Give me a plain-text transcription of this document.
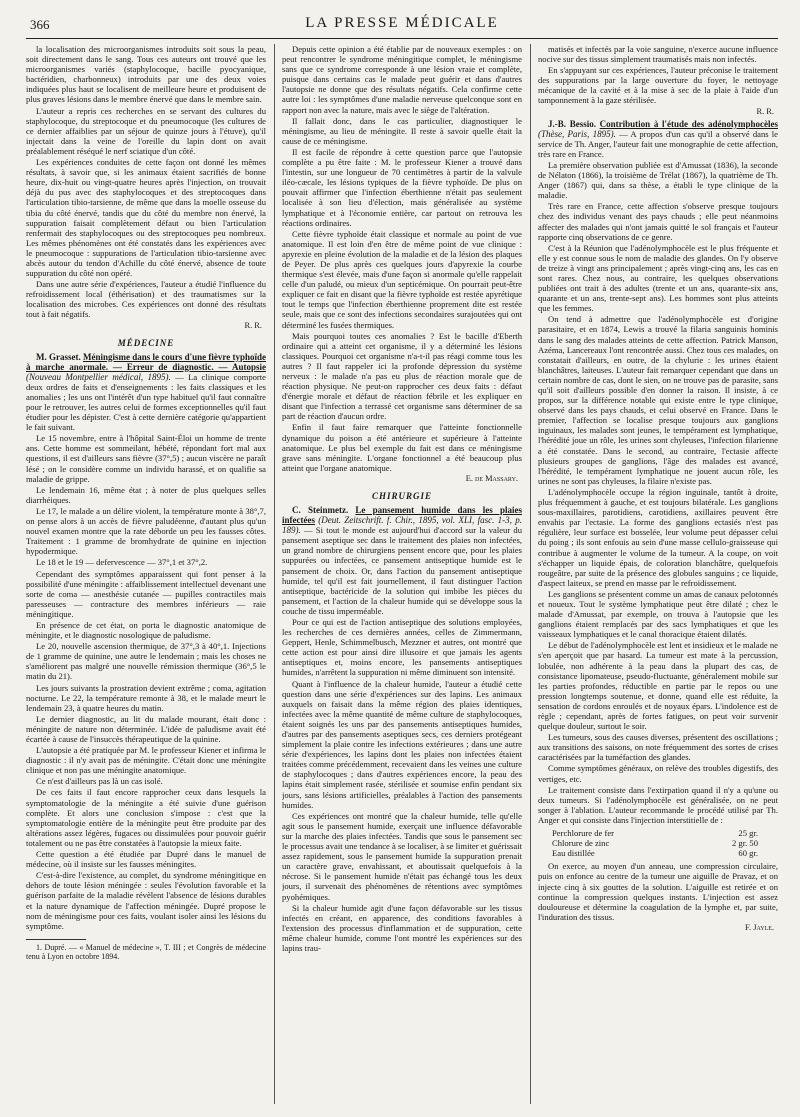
366	LA PRESSE MÉDICALE

la localisation des microorganismes introduits soit sous la peau, soit directement dans le sang. Tous ces auteurs ont trouvé que les microorganismes variés (staphylocoque, bacille pyocyanique, bactéridien, charbonneux) introduits par une des deux voies indiquées plus haut se localisent de meilleure heure et produisent de plus graves lésions dans le membre énervé que dans le membre sain.

L'auteur a repris ces recherches en se servant des cultures du staphylocoque, du streptocoque et du pneumocoque (les cultures de ce dernier affaiblies par un séjour de quinze jours à l'étuve), qu'il injectait dans la veine de l'oreille du lapin dont on avait préalablement réséqué le nerf sciatique d'un côté.

Les expériences conduites de cette façon ont donné les mêmes résultats, à savoir que, si les animaux étaient sacrifiés de bonne heure, dix-huit ou vingt-quatre heures après l'injection, on trouvait déjà du pus avec des staphylocoques et des streptocoques dans l'articulation tibio-tarsienne, de même que dans la moelle osseuse du tibia du côté énervé, tandis que du côté du membre non énervé, la suppuration faisait complètement défaut ou bien l'articulation renfermait des staphylocoques ou des streptocoques peu nombreux. Les mêmes phénomènes ont été constatés dans les expériences avec le pneumocoque : suppurations de l'articulation tibio-tarsienne avec abcès autour du tendon d'Achille du côté énervé, absence de toute suppuration du côté non opéré.

Dans une autre série d'expériences, l'auteur a étudié l'influence du refroidissement local (éthérisation) et des traumatismes sur la localisation des microbes. Ces expériences ont donné des résultats tout à fait négatifs.

R. R.
MÉDECINE

M. Grasset. Méningisme dans le cours d'une fièvre typhoïde à marche anormale. — Erreur de diagnostic. — Autopsie (Nouveau Montpellier médical, 1895). — La clinique comporte deux ordres de faits et d'enseignements : les faits classiques et les anomalies ; les uns ont l'intérêt d'un type habituel qu'il faut connaître pour le retrouver, les autres celui de formes exceptionnelles qu'il faut étudier pour les dépister. C'est à cette dernière catégorie qu'appartient le fait suivant.

Le 15 novembre, entre à l'hôpital Saint-Éloi un homme de trente ans. Cette homme est sommeilant, hébété, répondant fort mal aux questions, il est d'ailleurs sans fièvre (37°,5) ; aucun viscère ne paraît lésé ; on le considère comme un individu harassé, et on qualifie sa maladie de grippe.

Le lendemain 16, même état ; à noter de plus quelques selles diarrhéiques.

Le 17, le malade a un délire violent, la température monte à 38°,7, on pense alors à un accès de fièvre paludéenne, d'autant plus qu'un nouvel examen montre que la rate déborde un peu les fausses côtes. Traitement : 1 gramme de bromhydrate de quinine en injection hypodermique.

Le 18 et le 19 — defervescence — 37°,1 et 37°,2.

Cependant des symptômes apparaissent qui font penser à la possibilité d'une méningite : affaiblissement intellectuel devenant une sorte de coma — anesthésie cutanée — pupilles contractiles mais paresseuses — contracture des membres inférieurs — raie méningitique.

En présence de cet état, on porta le diagnostic anatomique de méningite, et le diagnostic nosologique de paludisme.

Le 20, nouvelle ascension thermique, de 37°,3 à 40°,1. Injections de 1 gramme de quinine, une autre le lendemain ; mais les choses ne s'améliorent pas malgré une nouvelle rémission thermique (36°,5 le matin du 21).

Les jours suivants la prostration devient extrême ; coma, agitation nocturne. Le 22, la température remonte à 38, et le malade meurt le lendemain 23, à quatre heures du matin.

Le dernier diagnostic, au lit du malade mourant, était donc : méningite de nature non déterminée. L'idée de paludisme avait été écartée à cause de l'insuccès thérapeutique de la quinine.

L'autopsie a été pratiquée par M. le professeur Kiener et infirma le diagnostic : il n'y avait pas de méningite. C'était donc une méningite clinique et non pas une méningite anatomique.

Ce n'est d'ailleurs pas là un cas isolé.

De ces faits il faut encore rapprocher ceux dans lesquels la symptomatologie de la méningite a été suivie d'une guérison complète. Et alors une conclusion s'impose : c'est que la symptomatologie entière de la méningite peut être produite par des altérations assez légères, fugaces ou dissimulées pour pouvoir guérir totalement ou ne pas être constatées à l'autopsie la mieux faite.

Cette question a été étudiée par Dupré dans le manuel de médecine, où il insiste sur les fausses méningites.

C'est-à-dire l'existence, au complet, du syndrome méningitique en dehors de toute lésion méningée : seules l'évolution favorable et la guérison parfaite de la maladie révèlent l'absence de lésions durables et la nature dynamique de l'affection méningée. Dupré propose le nom de méningisme pour ces faits, voulant isoler ainsi les lésions du symptôme.

1. Dupré. — « Manuel de médecine », T. III ; et Congrès de médecine tenu à Lyon en octobre 1894.

Depuis cette opinion a été établie par de nouveaux exemples : on peut rencontrer le syndrome méningitique complet, le méningisme sans que ce syndrome corresponde à une lésion vraie et complète, puisque dans certains cas le malade peut guérir et dans d'autres l'autopsie ne donne que des résultats négatifs. Cela confirme cette autre loi : les symptômes d'une maladie nerveuse quelconque sont en rapport non avec la nature, mais avec le siège de l'altération.

Il fallait donc, dans le cas particulier, diagnostiquer le méningisme, au lieu de méningite. Il reste à savoir quelle était la cause de ce méningisme.

Il est facile de répondre à cette question parce que l'autopsie complète a pu être faite : M. le professeur Kiener a trouvé dans l'intestin, sur une longueur de 70 centimètres à partir de la valvule iléo-cæcale, les lésions typiques de la fièvre typhoïde. De plus on pouvait affirmer que l'infection éberthienne n'était pas seulement localisée à son lieu d'élection, mais généralisée au système lymphatique et à l'économie entière, car partout on retrouva les réactions ordinaires.

Cette fièvre typhoïde était classique et normale au point de vue anatomique. Il est loin d'en être de même point de vue clinique : apyrexie en pleine évolution de la maladie et de la lésion des plaques de Peyer. De plus après ces quelques jours d'apyrexie la courbe thermique s'est élevée, mais d'une façon si anormale qu'elle rappelait celle d'un paludé, ou mieux d'un septicémique. On pourrait peut-être expliquer ce fait en disant que la fièvre typhoïde est restée apyrétique tout le temps que l'infection éberthienne proprement dite est restée seule, mais que ce sont des infections secondaires surajoutées qui ont déterminé les fusées thermiques.

Mais pourquoi toutes ces anomalies ? Est le bacille d'Eberth ordinaire qui a atteint cet organisme, il y a déterminé les lésions classiques. Pourquoi cet organisme n'a-t-il pas réagi comme tous les autres ? Il faut rappeler ici la profonde dépression du système nerveux : le malade n'a pas eu plus de réaction morale que de réaction physique. Ne peut-on rapprocher ces deux faits : défaut d'énergie morale et défaut de réaction fébrile et les expliquer en disant que l'infection a terrassé cet organisme sans déterminer de sa part de réaction d'aucun ordre.

Enfin il faut faire remarquer que l'atteinte fonctionnelle dynamique du poison a été antérieure et supérieure à l'atteinte anatomique. Le plus bel exemple du fait est dans ce méningisme grave sans méningite. L'organe fonctionnel a été beaucoup plus atteint que l'organe anatomique.

E. de Massary.
CHIRURGIE

C. Steinmetz. Le pansement humide dans les plaies infectées (Deut. Zeitschrift. f. Chir., 1895, vol. XLI, fasc. 1-3, p. 189). — Si tout le monde est aujourd'hui d'accord sur la valeur du pansement aseptique sec dans le traitement des plaies non infectées, un grand nombre de chirurgiens pensent encore que, pour les plaies suppurées ou infectées, ce pansement antiseptique humide est le pansement de choix. Or, dans l'action du pansement antiseptique humide, tel qu'il est fait journellement, il faut distinguer l'action antiseptique, bactéricide de la solution qui imbibe les pièces du pansement, et l'action de la chaleur humide qui se développe sous la couche de tissu imperméable.

Pour ce qui est de l'action antiseptique des solutions employées, les recherches de ces dernières années, celles de Zimmermann, Geppert, Henle, Schimmelbusch, Mezzner et autres, ont montré que cette action est pour ainsi dire illusoire et que jamais les agents antiseptiques et, moins encore, les pansements antiseptiques humides, n'arrêtent la suppuration ni même diminuent son intensité.

Quant à l'influence de la chaleur humide, l'auteur a étudié cette question dans une série d'expériences sur des lapins. Les animaux auxquels on faisait dans la même région des plaies identiques, infectées avec la même quantité de même culture de staphylocoques, étaient soignés les uns par des pansements antiseptiques humides, d'autres par des pansements aseptiques secs, ces derniers protégeant simplement la plaie contre les infections extérieures ; dans une autre série d'expériences, les lapins dont les plaies non infectées étaient traitées comme précédemment, recevaient dans les veines une culture de staphylocoques ; dans d'autres expériences encore, la peau des lapins était simplement rasée, stérilisée et soumise enfin pendant six jours, sans lésions artificielles, préalables à l'action des pansements humides.

Ces expériences ont montré que la chaleur humide, telle qu'elle agit sous le pansement humide, exerçait une influence défavorable sur la marche des plaies infectées. Tandis que sous le pansement sec le processus avait une tendance à se localiser, à se limiter et guérissait assez rapidement, sous le pansement humide la suppuration prenait un caractère grave, envahissant, et aboutissait quelquefois à la nécrose. Si le pansement humide n'était pas échangé tous les deux jours, il survenait des phénomènes de rétentions avec symptômes pyohémiques.

Si la chaleur humide agit d'une façon défavorable sur les tissus infectés en créant, en apparence, des conditions favorables à l'extension des processus d'inflammation et de suppuration, cette même chaleur humide, comme l'ont montré les expériences sur des lapins trau-

matisés et infectés par la voie sanguine, n'exerce aucune influence nocive sur des tissus simplement traumatisés mais non infectés.

En s'appuyant sur ces expériences, l'auteur préconise le traitement des suppurations par la large ouverture du foyer, le nettoyage mécanique de la cavité et à la mise à sec de la plaie à l'aide d'un tamponnement à la gaze stérilisée.

R. R.

J.-B. Bessio. Contribution à l'étude des adénolymphocèles (Thèse, Paris, 1895). — A propos d'un cas qu'il a observé dans le service de Th. Anger, l'auteur fait une monographie de cette affection, très rare en France.

La première observation publiée est d'Amussat (1836), la seconde de Nélaton (1866), la troisième de Trélat (1867), la quatrième de Th. Anger (1867) qui, dans sa thèse, a établi le type clinique de la maladie.

Très rare en France, cette affection s'observe presque toujours chez des individus venant des pays chauds ; elle peut néanmoins affecter des malades qui n'ont jamais quitté le sol français et l'auteur rapporte cinq observations de ce genre.

C'est à la Réunion que l'adénolymphocèle est le plus fréquente et elle y est connue sous le nom de maladie des glandes. On l'y observe de treize à vingt ans principalement ; après vingt-cinq ans, les cas en sont rares. Chez nous, au contraire, les quelques observations publiées ont trait à des adultes (trente et un ans, quarante-six ans, quarante et un ans, trente-sept ans). Les hommes sont plus atteints que les femmes.

On tend à admettre que l'adénolymphocèle est d'origine parasitaire, et en 1874, Lewis a trouvé la filaria sanguinis hominis dans le sang des malades atteints de cette affection. Patrick Manson, Azéma, Lancereaux l'ont rencontrée aussi. Chez tous ces malades, on constatait d'ailleurs, en outre, de la chylurie : les urines étaient blanchâtres, laiteuses. L'auteur fait remarquer cependant que dans un certain nombre de cas, dont le sien, on ne trouve pas de parasite, sans qu'il soit d'ailleurs possible d'en donner la raison. Il insiste, à ce propos, sur la différence notable qui existe entre le type clinique, observé dans les pays chauds, et celui observé en France. Dans le premier, l'affection se localise presque toujours aux ganglions inguinaux, les malades sont jeunes, le tempérament est lymphatique, l'hérédité joue un rôle, les urines sont chyleuses, l'infection filarienne a été constatée. Dans le second, au contraire, l'ectasie affecte plusieurs groupes de ganglions, l'âge des malades est avancé, l'hérédité, le tempérament lymphatique ne jouent aucun rôle, les urines ne sont pas chyleuses, la filaire n'existe pas.

L'adénolymphocèle occupe la région inguinale, tantôt à droite, plus fréquemment à gauche, et est toujours bilatérale. Les ganglions sous-maxillaires, parotidiens, carotidiens, axillaires peuvent être envahis par l'ectasie. La forme des ganglions ectasiés n'est pas régulière, leur surface est bosselée, leur volume peut dépasser celui du poing ; ils sont enfouis au sein d'une masse cellulo-graisseuse qui contribue à augmenter le volume de la tumeur. A la coupe, on voit s'échapper un liquide épais, de coloration blanchâtre, quelquefois rougeâtre, par suite de la présence des globules sanguins ; ce liquide, d'aspect laiteux, se prend en masse par le refroidissement.

Les ganglions se présentent comme un amas de canaux pelotonnés et noueux. Tout le système lymphatique peut être dilaté ; chez le malade d'Amussat, par exemple, on trouva à l'autopsie que les ganglions étaient remplacés par des sacs lymphatiques et que les vaisseaux lymphatiques et le canal thoracique étaient dilatés.

Le début de l'adénolymphocèle est lent et insidieux et le malade ne s'en aperçoit que par hasard. La tumeur est mate à la percussion, lobulée, non adhérente à la peau dans la plupart des cas, de consistance lipomateuse, pseudo-fluctuante, généralement mobile sur les parties profondes, réductible en partie par le repos ou une pression longtemps soutenue, et donne, quand elle est réduite, la sensation de cordons enroulés et de noyaux épars. L'indolence est de règle ; cependant, après de fortes fatigues, on peut voir survenir quelque douleur, surtout le soir.

Les tumeurs, sous des causes diverses, présentent des oscillations ; aux transitions des saisons, on note fréquemment des sortes de crises caractérisées par la tuméfaction des glandes.

Comme symptômes généraux, on relève des troubles digestifs, des vertiges, etc.

Le traitement consiste dans l'extirpation quand il n'y a qu'une ou deux tumeurs. Si l'adénolymphocèle est généralisée, on ne peut songer à l'ablation. L'auteur recommande le procédé utilisé par Th. Anger et qui consiste dans l'injection interstitielle de :

Perchlorure de fer	25 gr.
Chlorure de zinc	2 gr. 50
Eau distillée	60 gr.

On exerce, au moyen d'un anneau, une compression circulaire, puis on enfonce au centre de la tumeur une aiguille de Pravaz, et on injecte cinq à six gouttes de la solution. L'aiguille est retirée et on continue la compression quelques instants. L'injection est assez douloureuse et détermine la coagulation de la lymphe et, par suite, l'induration des tissus.

F. Jayle.
